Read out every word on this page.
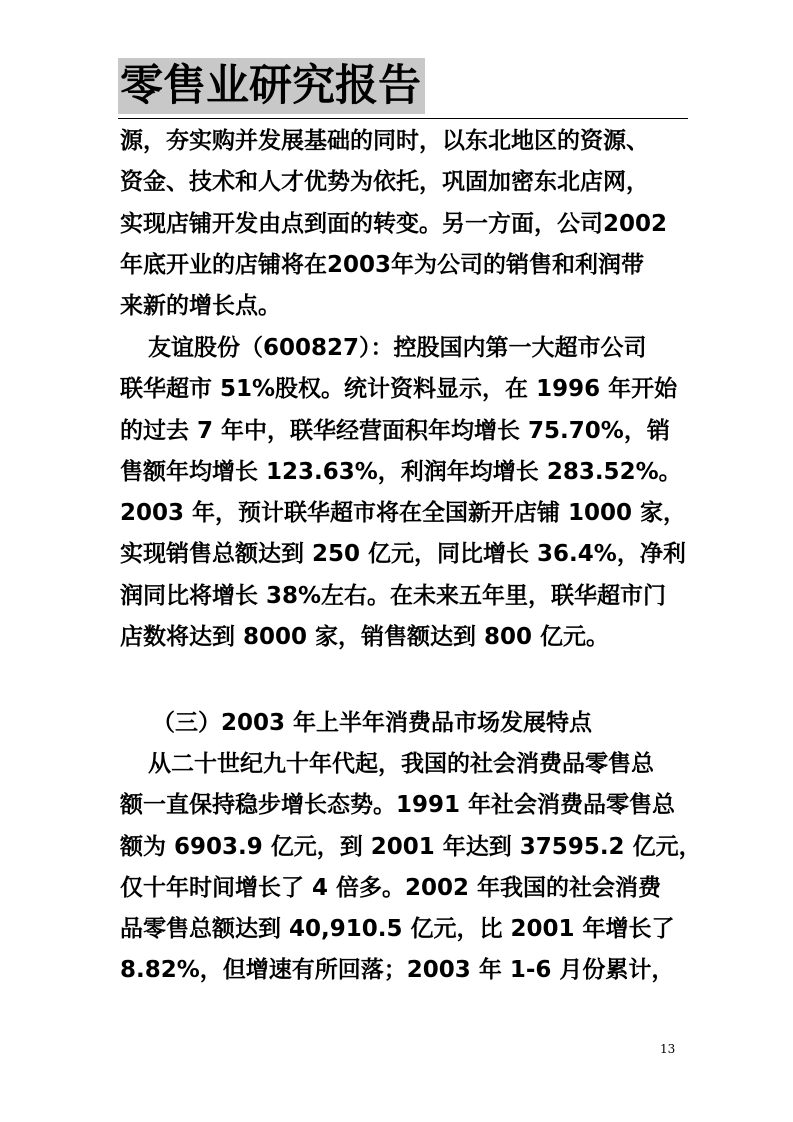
零售业研究报告
源，夯实购并发展基础的同时，以东北地区的资源、
资金、技术和人才优势为依托，巩固加密东北店网，
实现店铺开发由点到面的转变。另一方面，公司2002
年底开业的店铺将在2003年为公司的销售和利润带
来新的增长点。
友谊股份（600827）：控股国内第一大超市公司
联华超市 51%股权。统计资料显示，在 1996 年开始
的过去 7 年中，联华经营面积年均增长 75.70%，销
售额年均增长 123.63%，利润年均增长 283.52%。
2003 年，预计联华超市将在全国新开店铺 1000 家，
实现销售总额达到 250 亿元，同比增长 36.4%，净利
润同比将增长 38%左右。在未来五年里，联华超市门
店数将达到 8000 家，销售额达到 800 亿元。
（三）2003 年上半年消费品市场发展特点
从二十世纪九十年代起，我国的社会消费品零售总
额一直保持稳步增长态势。1991 年社会消费品零售总
额为 6903.9 亿元，到 2001 年达到 37595.2 亿元，
仅十年时间增长了 4 倍多。2002 年我国的社会消费
品零售总额达到 40,910.5 亿元，比 2001 年增长了
8.82%，但增速有所回落；2003 年 1-6 月份累计，
13
